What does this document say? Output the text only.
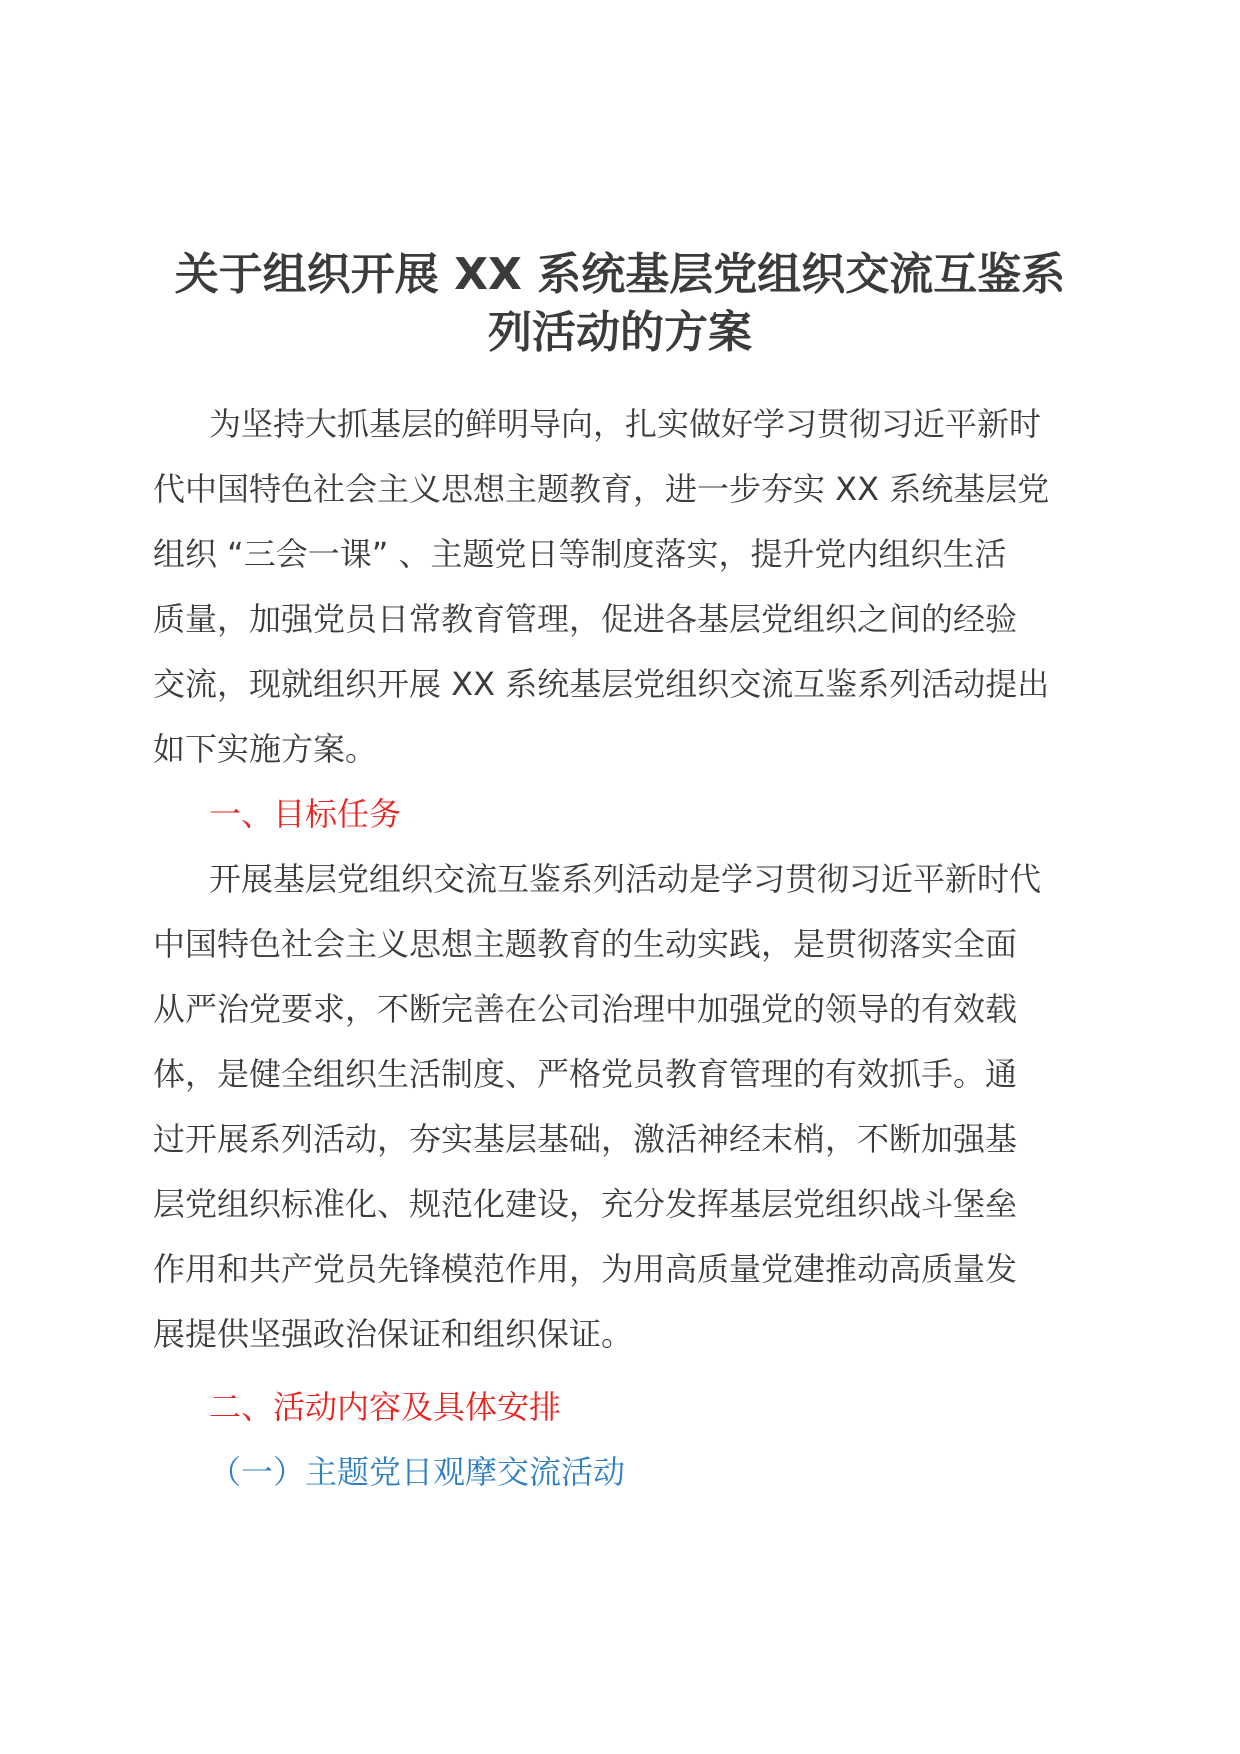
关于组织开展 XX 系统基层党组织交流互鉴系
列活动的方案
为坚持大抓基层的鲜明导向，扎实做好学习贯彻习近平新时
代中国特色社会主义思想主题教育，进一步夯实 XX 系统基层党
组织 “三会一课” 、主题党日等制度落实，提升党内组织生活
质量，加强党员日常教育管理，促进各基层党组织之间的经验
交流，现就组织开展 XX 系统基层党组织交流互鉴系列活动提出
如下实施方案。
一、目标任务
开展基层党组织交流互鉴系列活动是学习贯彻习近平新时代
中国特色社会主义思想主题教育的生动实践，是贯彻落实全面
从严治党要求，不断完善在公司治理中加强党的领导的有效载
体，是健全组织生活制度、严格党员教育管理的有效抓手。通
过开展系列活动，夯实基层基础，激活神经末梢，不断加强基
层党组织标准化、规范化建设，充分发挥基层党组织战斗堡垒
作用和共产党员先锋模范作用，为用高质量党建推动高质量发
展提供坚强政治保证和组织保证。
二、活动内容及具体安排
（一）主题党日观摩交流活动
